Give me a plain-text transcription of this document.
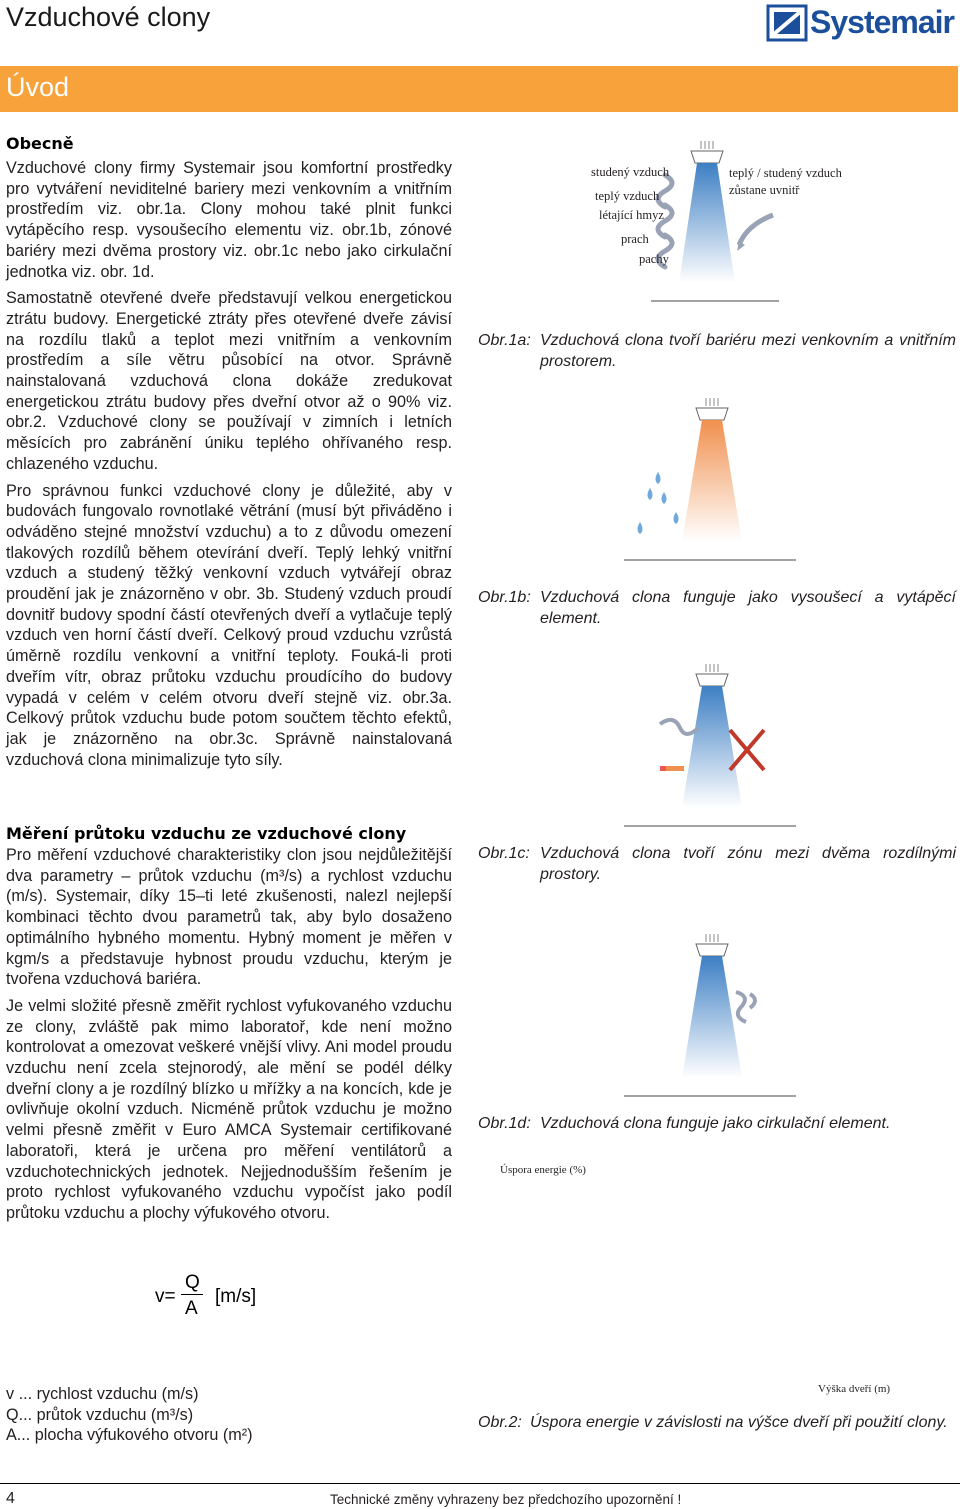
Vzduchové clony	Systemair
Úvod
Obecně

Vzduchové clony firmy Systemair jsou komfortní prostředky pro vytváření neviditelné bariery mezi venkovním a vnitřním prostředím viz. obr.1a. Clony mohou také plnit funkci vytápěcího resp. vysoušecího elementu viz. obr.1b, zónové bariéry mezi dvěma prostory viz. obr.1c nebo jako cirkulační jednotka viz. obr. 1d.

Samostatně otevřené dveře představují velkou energetickou ztrátu budovy. Energetické ztráty přes otevřené dveře závisí na rozdílu tlaků a teplot mezi vnitřním a venkovním prostředím a síle větru působící na otvor. Správně nainstalovaná vzduchová clona dokáže zredukovat energetickou ztrátu budovy přes dveřní otvor až o 90% viz. obr.2. Vzduchové clony se používají v zimních i letních měsících pro zabránění úniku teplého ohřívaného resp. chlazeného vzduchu.

Pro správnou funkci vzduchové clony je důležité, aby v budovách fungovalo rovnotlaké větrání (musí být přiváděno i odváděno stejné množství vzduchu) a to z důvodu omezení tlakových rozdílů během otevírání dveří. Teplý lehký vnitřní vzduch a studený těžký venkovní vzduch vytvářejí obraz proudění jak je znázorněno v obr. 3b. Studený vzduch proudí dovnitř budovy spodní částí otevřených dveří a vytlačuje teplý vzduch ven horní částí dveří. Celkový proud vzduchu vzrůstá úměrně rozdílu venkovní a vnitřní teploty. Fouká-li proti dveřím vítr, obraz průtoku vzduchu proudícího do budovy vypadá v celém v celém otvoru dveří stejně viz. obr.3a. Celkový průtok vzduchu bude potom součtem těchto efektů, jak je znázorněno na obr.3c. Správně nainstalovaná vzduchová clona minimalizuje tyto síly.

Měření průtoku vzduchu ze vzduchové clony

Pro měření vzduchové charakteristiky clon jsou nejdůležitější dva parametry – průtok vzduchu (m³/s) a rychlost vzduchu (m/s). Systemair, díky 15–ti leté zkušenosti, nalezl nejlepší kombinaci těchto dvou parametrů tak, aby bylo dosaženo optimálního hybného momentu. Hybný moment je měřen v kgm/s a představuje hybnost proudu vzduchu, kterým je tvořena vzduchová bariéra.

Je velmi složité přesně změřit rychlost vyfukovaného vzduchu ze clony, zvláště pak mimo laboratoř, kde není možno kontrolovat a omezovat veškeré vnější vlivy. Ani model proudu vzduchu není zcela stejnorodý, ale mění se podél délky dveřní clony a je rozdílný blízko u mřížky a na koncích, kde je ovlivňuje okolní vzduch. Nicméně průtok vzduchu je možno velmi přesně změřit v Euro AMCA Systemair certifikované laboratoři, která je určena pro měření ventilátorů a vzduchotechnických jednotek. Nejjednodušším řešením je proto rychlost vyfukovaného vzduchu vypočíst jako podíl průtoku vzduchu a plochy výfukového otvoru.

v=
Q
A
[m/s]
v ... rychlost vzduchu (m/s)
Q... průtok vzduchu (m³/s)
A... plocha výfukového otvoru (m²)
studený vzduch
teplý vzduch
létající hmyz
prach
pachy
teplý / studený vzduch
zůstane uvnitř
Obr.1a: Vzduchová clona tvoří bariéru mezi venkovním a vnitřním prostorem.
Obr.1b: Vzduchová clona funguje jako vysoušecí a vytápěcí element.
Obr.1c: Vzduchová clona tvoří zónu mezi dvěma rozdílnými prostory.
Obr.1d: Vzduchová clona funguje jako cirkulační element.
Úspora energie (%)
Výška dveří (m)
Obr.2: Úspora energie v závislosti na výšce dveří při použití clony.
4	Technické změny vyhrazeny bez předchozího upozornění !
